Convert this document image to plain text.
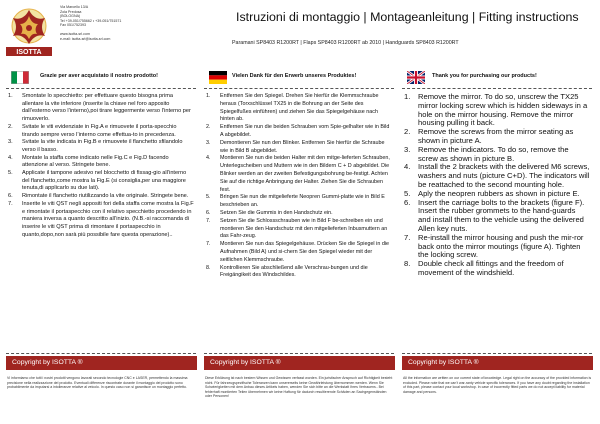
ISOTTA
Via Marcello 13/A
Zola Predosa
(BOLOGNA)
Tel +39-051/755662 • +39-051/751571
Fax 051/752393
www.isotta-srl.com
e-mail: isotta-srl@isotta-srl.com
Istruzioni di montaggio | Montageanleitung | Fitting instructions
Paramani SP8403 R1200RT | Flaps SP8403 R1200RT ab 2010 | Handguards SP8403 R1200RT
Grazie per aver acquistato il nostro prodotto!
1. Smontate lo specchietto: per effettuare questo bisogna prima allentare la vite inferiore (inserite la chiave nel foro apposito dall’esterno verso l’interno),poi tirare leggermente verso l’interno per rimuoverlo.
2. Svitate le viti evidenziate in Fig.A e rimuovete il porta-specchio tirando sempre verso l’interno come effettua-to in precedenza.
3. Svitate la vite indicata in Fig.B e rimuovete il flanchetto sfilandolo verso il basso.
4. Montate la staffa come indicato nelle Fig.C e Fig.D facendo attenzione al verso. Stringete bene.
5. Applicate il tampone adesivo nel blocchetto di fissag-gio all’interno del flanchetto,come mostra la Fig.E (si consiglia,per una maggiore tenuta,di applicarlo su due lati).
6. Rimontate il flanchetto riutilizzando la vite originale. Stringete bene.
7. Inserite le viti QST negli appositi fori della staffa come mostra la Fig.F e rimontate il portaspecchio con il relativo specchietto procedendo in maniera inversa a quanto descritto all’inizio. (N.B.-si raccomanda di inserire le viti QST prima di rimontare il portaspecchio in quanto,dopo,non sarà più possibile fare questa operazione)..
Copyright by ISOTTA ®
Vi informiamo che tutti i nostri prodotti vengono lavorati secondo tecnologie CNC e LASER, permettendo la massima precisione nella realizzazione del prodotto. Eventuali differenze riscontrate durante il montaggio del prodotto sono probabilmente da imputarsi a intolleranze relative al veicolo. In questo caso non si garantisce un montaggio perfetto.
Vielen Dank für den Erwerb unseres Produktes!
1. Entfernen Sie den Spiegel. Drehen Sie hierfür die Klemmschraube heraus (Torxschlüssel TX25 in die Bohrung an der Seite des Spiegelfußes einführen) und ziehen Sie das Spiegelgehäuse nach hinten ab.
2. Entfernen Sie nun die beiden Schrauben vom Spie-gelhalter wie in Bild A abgebildet.
3. Demontieren Sie nun den Blinker. Entfernen Sie hierfür die Schraube wie in Bild B abgebildet.
4. Montieren Sie nun die beiden Halter mit den mitge-lieferten Schrauben, Unterlegscheiben und Muttern wie in den Bildern C + D abgebildet. Die Blinker werden an der zweiten Befestigungsbohrung be-festigt. Achten Sie auf die richtige Anbringung der Halter. Ziehen Sie die Schrauben fest.
5. Bringen Sie nun die mitgelieferte Neopren Gummi-platte wie in Bild E beschrieben an.
6. Setzen Sie die Gummis in den Handschutz ein.
7. Setzen Sie die Schlossschrauben wie in Bild F be-schreiben ein und montieren Sie den Handschutz mit den mitgelieferten Inbusmuttern an das Fahr-zeug.
7. Montieren Sie nun das Spiegelgehäuse. Drücken Sie die Spiegel in die Aufnahmen (Bild A) und si-chern Sie den Spiegel wieder mit der seitlichen Klemmschraube.
8. Kontrollieren Sie abschließend alle Verschrau-bungen und die Freigängikeit des Windschildes.
Copyright by ISOTTA ®
Diese Erklärung ist nach bestem Wissen und Gewissen verfasst worden. Ein juristischer Anspruch auf Richtigkeit besteht nicht. Für fahrzeugspezifische Toleranzen kann unsererseits keine Gewährleistung übernommen werden. Wenn Sie Schwierigkeiten mit dem Anbau dieses Artikels haben, wenden Sie sich bitte an die Werkstatt Ihres Vertrauens.. Bei fehlerhaft montierten Teilen übernehmen wir keine Haftung für dadurch resultierende Schäden an Sachgegenständen oder Personen!
Thank you for purchasing our products!
1. Remove the mirror. To do so, unscrew the TX25 mirror locking screw which is hidden sideways in a hole on the mirror housing. Remove the mirror housing pulling it back.
2. Remove the screws from the mirror seating as shown in picture A.
3. Remove the indicators. To do so, remove the screw as shown in picture B.
4. Install the 2 brackets with the delivered M6 screws, washers and nuts (picture C+D). The indicators will be reattached to the second mounting hole.
5. Aply the neopren rubbers as shown in picture E.
6. Insert the carriage bolts to the brackets (figure F). Insert the rubber grommets to the hand-guards and install them to the vehicle using the delivered Allen key nuts.
7. Re-install the mirror housing and push the mir-ror back onto the mirror moutings (figure A). Tighten the locking screw.
8. Double check all fittings and the freedom of movement of the windshield.
Copyright by ISOTTA ®
All the information are written on our current state of knowledge. Legal right on the accuracy of the provided information is excluded. Please note that we can’t war-ranty vehicle specific tolerances. If you have any doubt regarding the installation of this part, please contact your local workshop. In case of incorrectly fitted parts we do not accept liability for material damage and persons.
